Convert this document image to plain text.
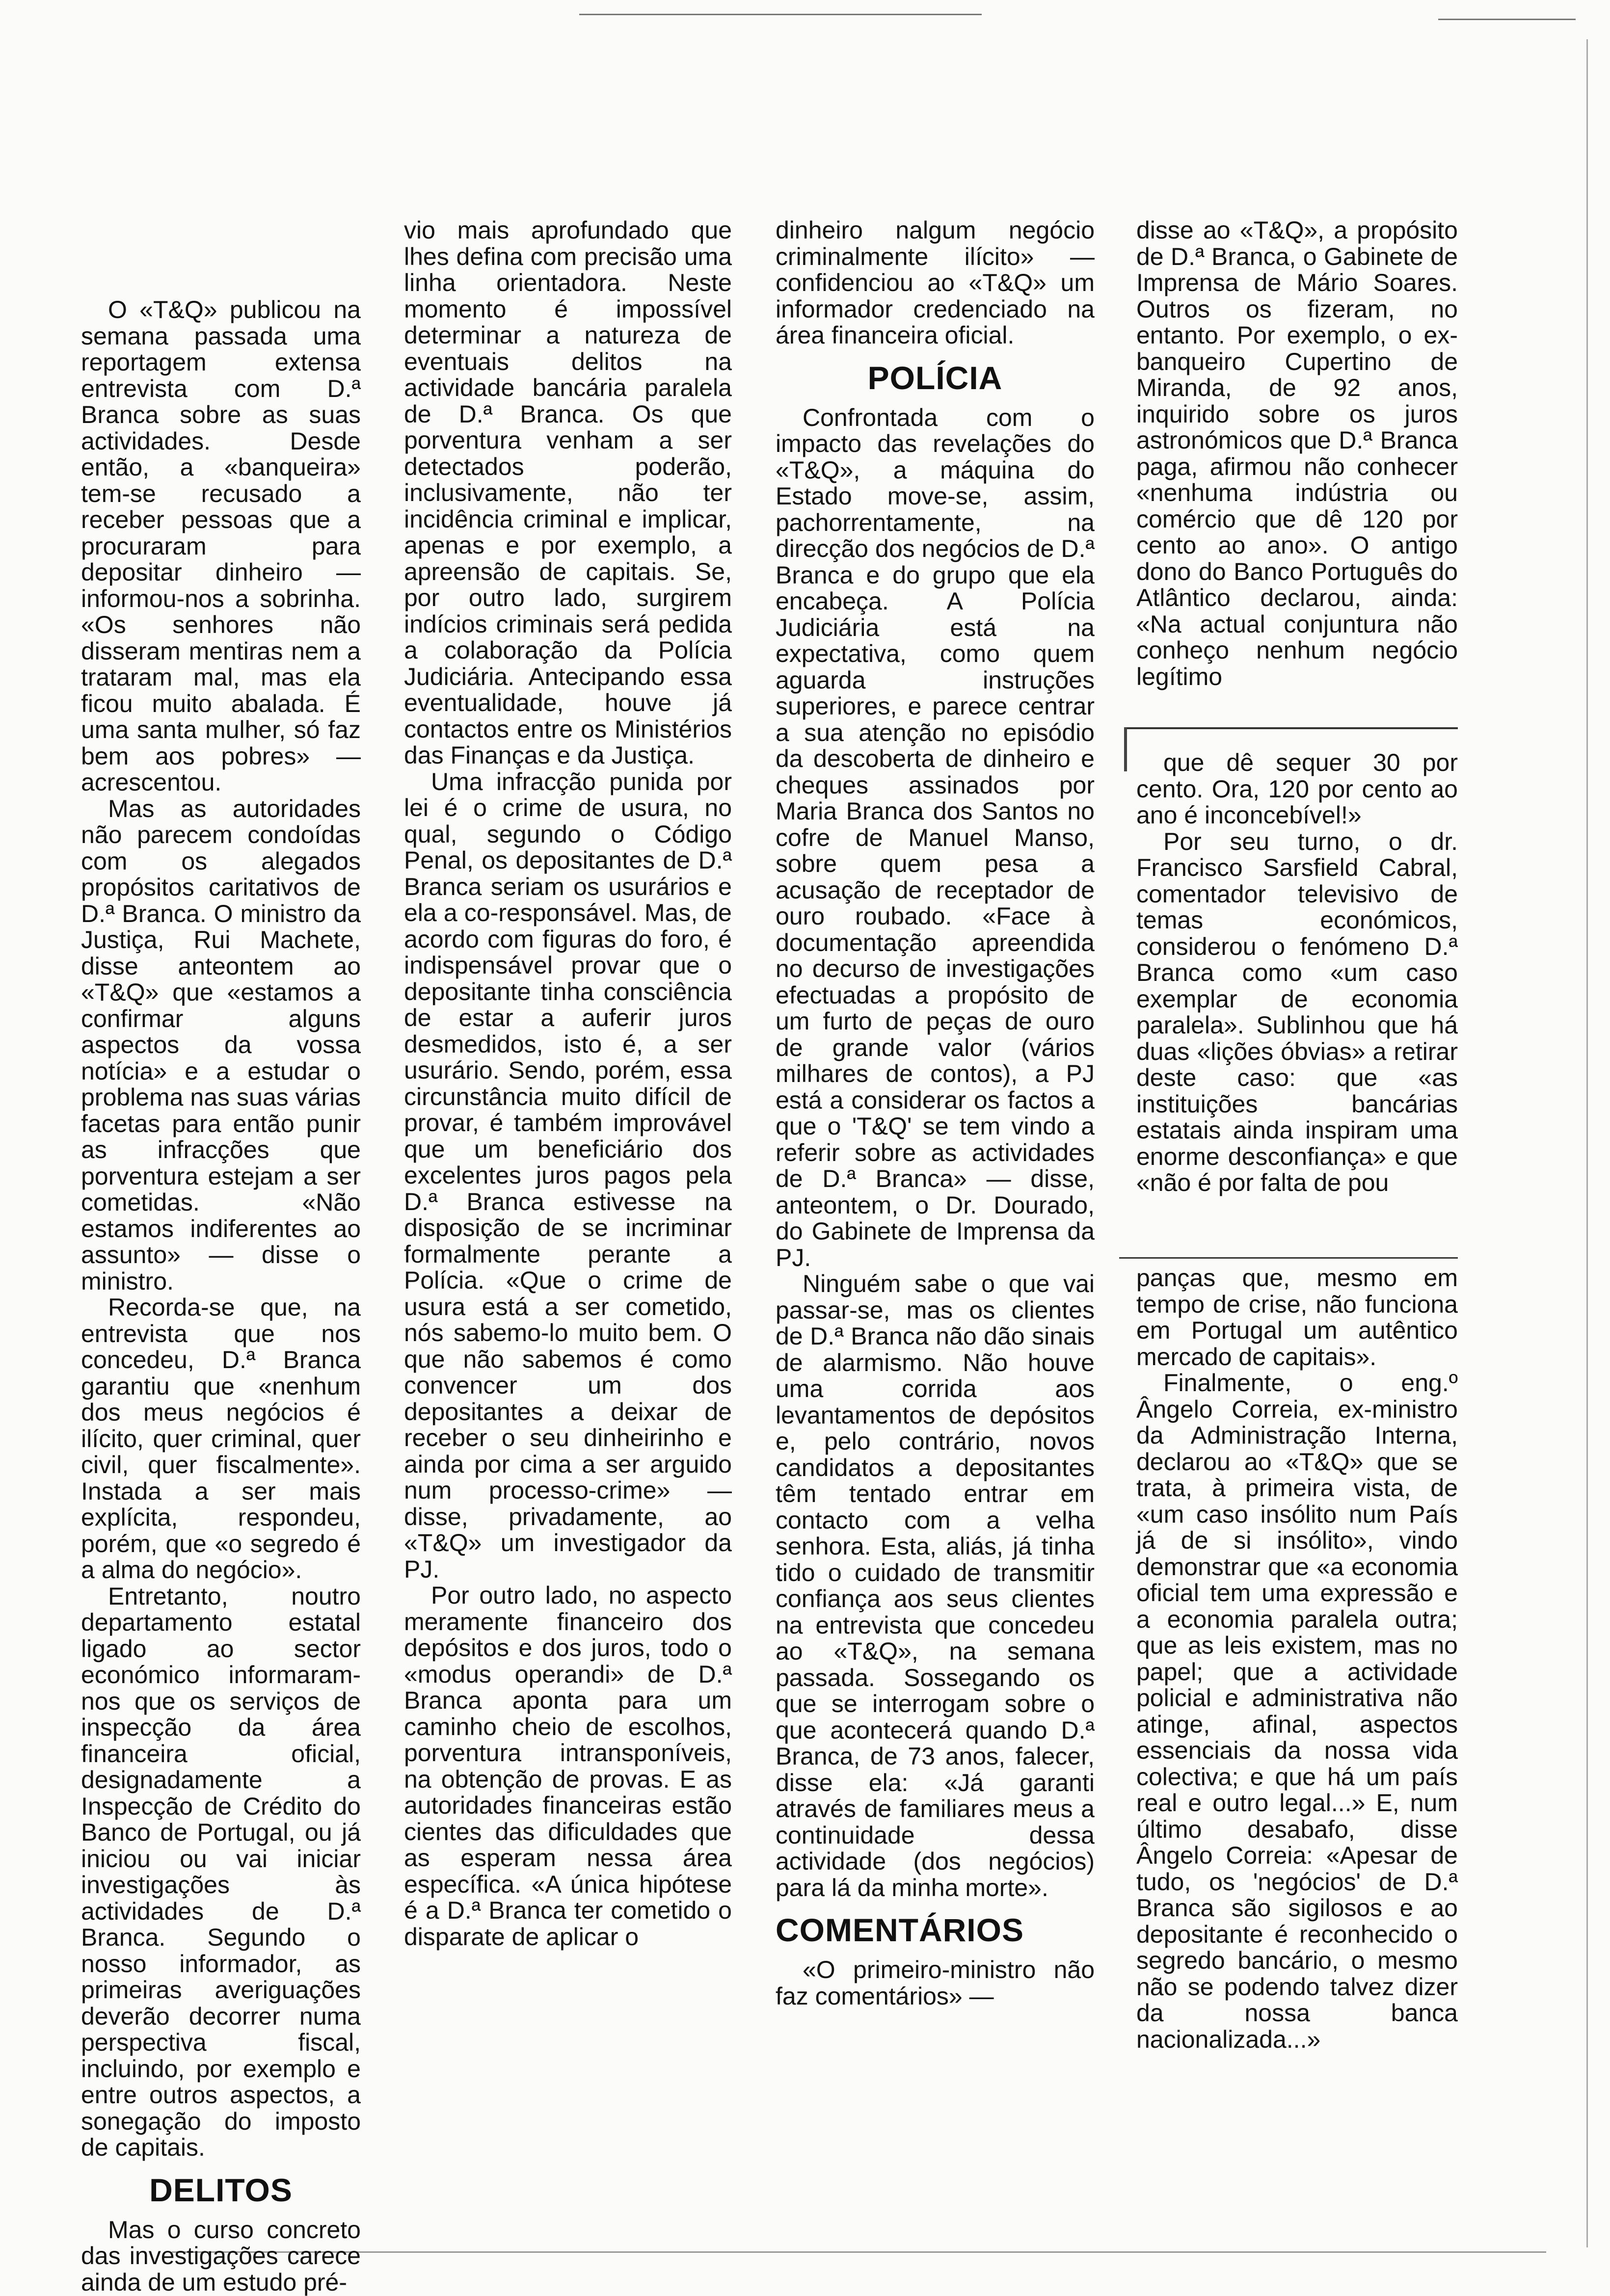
O «T&Q» publicou na semana passada uma reportagem extensa entrevista com D.ª Branca sobre as suas actividades. Desde então, a «banqueira» tem-se recusado a receber pessoas que a procuraram para depositar dinheiro — informou-nos a sobrinha. «Os senhores não disseram mentiras nem a trataram mal, mas ela ficou muito abalada. É uma santa mulher, só faz bem aos pobres» — acrescentou.

Mas as autoridades não parecem condoídas com os alegados propósitos caritativos de D.ª Branca. O ministro da Justiça, Rui Machete, disse anteontem ao «T&Q» que «estamos a confirmar alguns aspectos da vossa notícia» e a estudar o problema nas suas várias facetas para então punir as infracções que porventura estejam a ser cometidas. «Não estamos indiferentes ao assunto» — disse o ministro.

Recorda-se que, na entrevista que nos concedeu, D.ª Branca garantiu que «nenhum dos meus negócios é ilícito, quer criminal, quer civil, quer fiscalmente». Instada a ser mais explícita, respondeu, porém, que «o segredo é a alma do negócio».

Entretanto, noutro departamento estatal ligado ao sector económico informaram-nos que os serviços de inspecção da área financeira oficial, designadamente a Inspecção de Crédito do Banco de Portugal, ou já iniciou ou vai iniciar investigações às actividades de D.ª Branca. Segundo o nosso informador, as primeiras averiguações deverão decorrer numa perspectiva fiscal, incluindo, por exemplo e entre outros aspectos, a sonegação do imposto de capitais.

DELITOS

Mas o curso concreto das investigações carece ainda de um estudo pré-

vio mais aprofundado que lhes defina com precisão uma linha orientadora. Neste momento é impossível determinar a natureza de eventuais delitos na actividade bancária paralela de D.ª Branca. Os que porventura venham a ser detectados poderão, inclusivamente, não ter incidência criminal e implicar, apenas e por exemplo, a apreensão de capitais. Se, por outro lado, surgirem indícios criminais será pedida a colaboração da Polícia Judiciária. Antecipando essa eventualidade, houve já contactos entre os Ministérios das Finanças e da Justiça.

Uma infracção punida por lei é o crime de usura, no qual, segundo o Código Penal, os depositantes de D.ª Branca seriam os usurários e ela a co-responsável. Mas, de acordo com figuras do foro, é indispensável provar que o depositante tinha consciência de estar a auferir juros desmedidos, isto é, a ser usurário. Sendo, porém, essa circunstância muito difícil de provar, é também improvável que um beneficiário dos excelentes juros pagos pela D.ª Branca estivesse na disposição de se incriminar formalmente perante a Polícia. «Que o crime de usura está a ser cometido, nós sabemo-lo muito bem. O que não sabemos é como convencer um dos depositantes a deixar de receber o seu dinheirinho e ainda por cima a ser arguido num processo-crime» — disse, privadamente, ao «T&Q» um investigador da PJ.

Por outro lado, no aspecto meramente financeiro dos depósitos e dos juros, todo o «modus operandi» de D.ª Branca aponta para um caminho cheio de escolhos, porventura intransponíveis, na obtenção de provas. E as autoridades financeiras estão cientes das dificuldades que as esperam nessa área específica. «A única hipótese é a D.ª Branca ter cometido o disparate de aplicar o

dinheiro nalgum negócio criminalmente ilícito» — confidenciou ao «T&Q» um informador credenciado na área financeira oficial.

POLÍCIA

Confrontada com o impacto das revelações do «T&Q», a máquina do Estado move-se, assim, pachorrentamente, na direcção dos negócios de D.ª Branca e do grupo que ela encabeça. A Polícia Judiciária está na expectativa, como quem aguarda instruções superiores, e parece centrar a sua atenção no episódio da descoberta de dinheiro e cheques assinados por Maria Branca dos Santos no cofre de Manuel Manso, sobre quem pesa a acusação de receptador de ouro roubado. «Face à documentação apreendida no decurso de investigações efectuadas a propósito de um furto de peças de ouro de grande valor (vários milhares de contos), a PJ está a considerar os factos a que o 'T&Q' se tem vindo a referir sobre as actividades de D.ª Branca» — disse, anteontem, o Dr. Dourado, do Gabinete de Imprensa da PJ.

Ninguém sabe o que vai passar-se, mas os clientes de D.ª Branca não dão sinais de alarmismo. Não houve uma corrida aos levantamentos de depósitos e, pelo contrário, novos candidatos a depositantes têm tentado entrar em contacto com a velha senhora. Esta, aliás, já tinha tido o cuidado de transmitir confiança aos seus clientes na entrevista que concedeu ao «T&Q», na semana passada. Sossegando os que se interrogam sobre o que acontecerá quando D.ª Branca, de 73 anos, falecer, disse ela: «Já garanti através de familiares meus a continuidade dessa actividade (dos negócios) para lá da minha morte».

COMENTÁRIOS

«O primeiro-ministro não faz comentários» —

disse ao «T&Q», a propósito de D.ª Branca, o Gabinete de Imprensa de Mário Soares. Outros os fizeram, no entanto. Por exemplo, o ex-banqueiro Cupertino de Miranda, de 92 anos, inquirido sobre os juros astronómicos que D.ª Branca paga, afirmou não conhecer «nenhuma indústria ou comércio que dê 120 por cento ao ano». O antigo dono do Banco Português do Atlântico declarou, ainda: «Na actual conjuntura não conheço nenhum negócio legítimo

que dê sequer 30 por cento. Ora, 120 por cento ao ano é inconcebível!»

Por seu turno, o dr. Francisco Sarsfield Cabral, comentador televisivo de temas económicos, considerou o fenómeno D.ª Branca como «um caso exemplar de economia paralela». Sublinhou que há duas «lições óbvias» a retirar deste caso: que «as instituições bancárias estatais ainda inspiram uma enorme desconfiança» e que «não é por falta de pou

panças que, mesmo em tempo de crise, não funciona em Portugal um autêntico mercado de capitais».

Finalmente, o eng.º Ângelo Correia, ex-ministro da Administração Interna, declarou ao «T&Q» que se trata, à primeira vista, de «um caso insólito num País já de si insólito», vindo demonstrar que «a economia oficial tem uma expressão e a economia paralela outra; que as leis existem, mas no papel; que a actividade policial e administrativa não atinge, afinal, aspectos essenciais da nossa vida colectiva; e que há um país real e outro legal...» E, num último desabafo, disse Ângelo Correia: «Apesar de tudo, os 'negócios' de D.ª Branca são sigilosos e ao depositante é reconhecido o segredo bancário, o mesmo não se podendo talvez dizer da nossa banca nacionalizada...»
